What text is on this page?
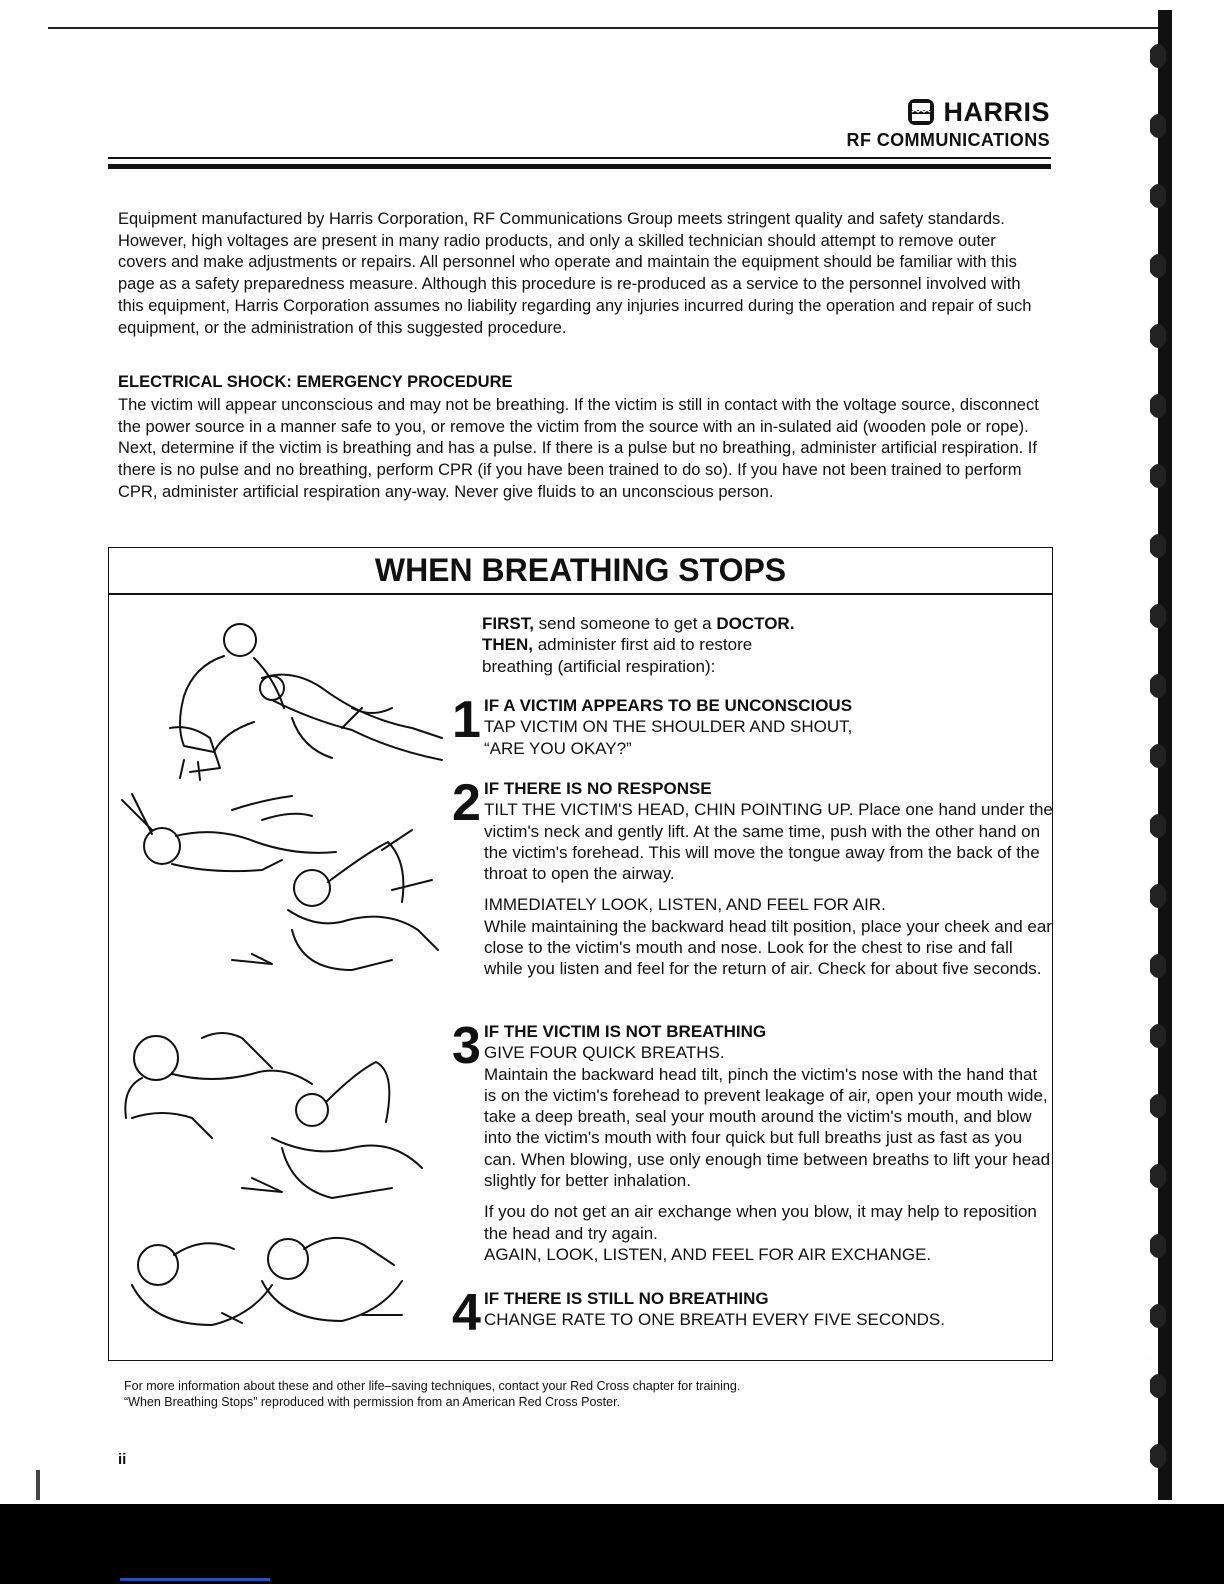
HARRIS
RF COMMUNICATIONS

Equipment manufactured by Harris Corporation, RF Communications Group meets stringent quality and safety standards. However, high voltages are present in many radio products, and only a skilled technician should attempt to remove outer covers and make adjustments or repairs. All personnel who operate and maintain the equipment should be familiar with this page as a safety preparedness measure. Although this procedure is re-produced as a service to the personnel involved with this equipment, Harris Corporation assumes no liability regarding any injuries incurred during the operation and repair of such equipment, or the administration of this suggested procedure.

ELECTRICAL SHOCK: EMERGENCY PROCEDURE

The victim will appear unconscious and may not be breathing. If the victim is still in contact with the voltage source, disconnect the power source in a manner safe to you, or remove the victim from the source with an in-sulated aid (wooden pole or rope). Next, determine if the victim is breathing and has a pulse. If there is a pulse but no breathing, administer artificial respiration. If there is no pulse and no breathing, perform CPR (if you have been trained to do so). If you have not been trained to perform CPR, administer artificial respiration any-way. Never give fluids to an unconscious person.

WHEN BREATHING STOPS

FIRST, send someone to get a DOCTOR.

THEN, administer first aid to restore

breathing (artificial respiration):

1 IF A VICTIM APPEARS TO BE UNCONSCIOUS

TAP VICTIM ON THE SHOULDER AND SHOUT,

“ARE YOU OKAY?”

2 IF THERE IS NO RESPONSE

TILT THE VICTIM'S HEAD, CHIN POINTING UP. Place one hand under the victim's neck and gently lift. At the same time, push with the other hand on the victim's forehead. This will move the tongue away from the back of the throat to open the airway.

IMMEDIATELY LOOK, LISTEN, AND FEEL FOR AIR.

While maintaining the backward head tilt position, place your cheek and ear close to the victim's mouth and nose. Look for the chest to rise and fall while you listen and feel for the return of air. Check for about five seconds.

3 IF THE VICTIM IS NOT BREATHING

GIVE FOUR QUICK BREATHS.

Maintain the backward head tilt, pinch the victim's nose with the hand that is on the victim's forehead to prevent leakage of air, open your mouth wide, take a deep breath, seal your mouth around the victim's mouth, and blow into the victim's mouth with four quick but full breaths just as fast as you can. When blowing, use only enough time between breaths to lift your head slightly for better inhalation.

If you do not get an air exchange when you blow, it may help to reposition the head and try again.

AGAIN, LOOK, LISTEN, AND FEEL FOR AIR EXCHANGE.

4 IF THERE IS STILL NO BREATHING

CHANGE RATE TO ONE BREATH EVERY FIVE SECONDS.

For more information about these and other life–saving techniques, contact your Red Cross chapter for training.

“When Breathing Stops” reproduced with permission from an American Red Cross Poster.

ii
